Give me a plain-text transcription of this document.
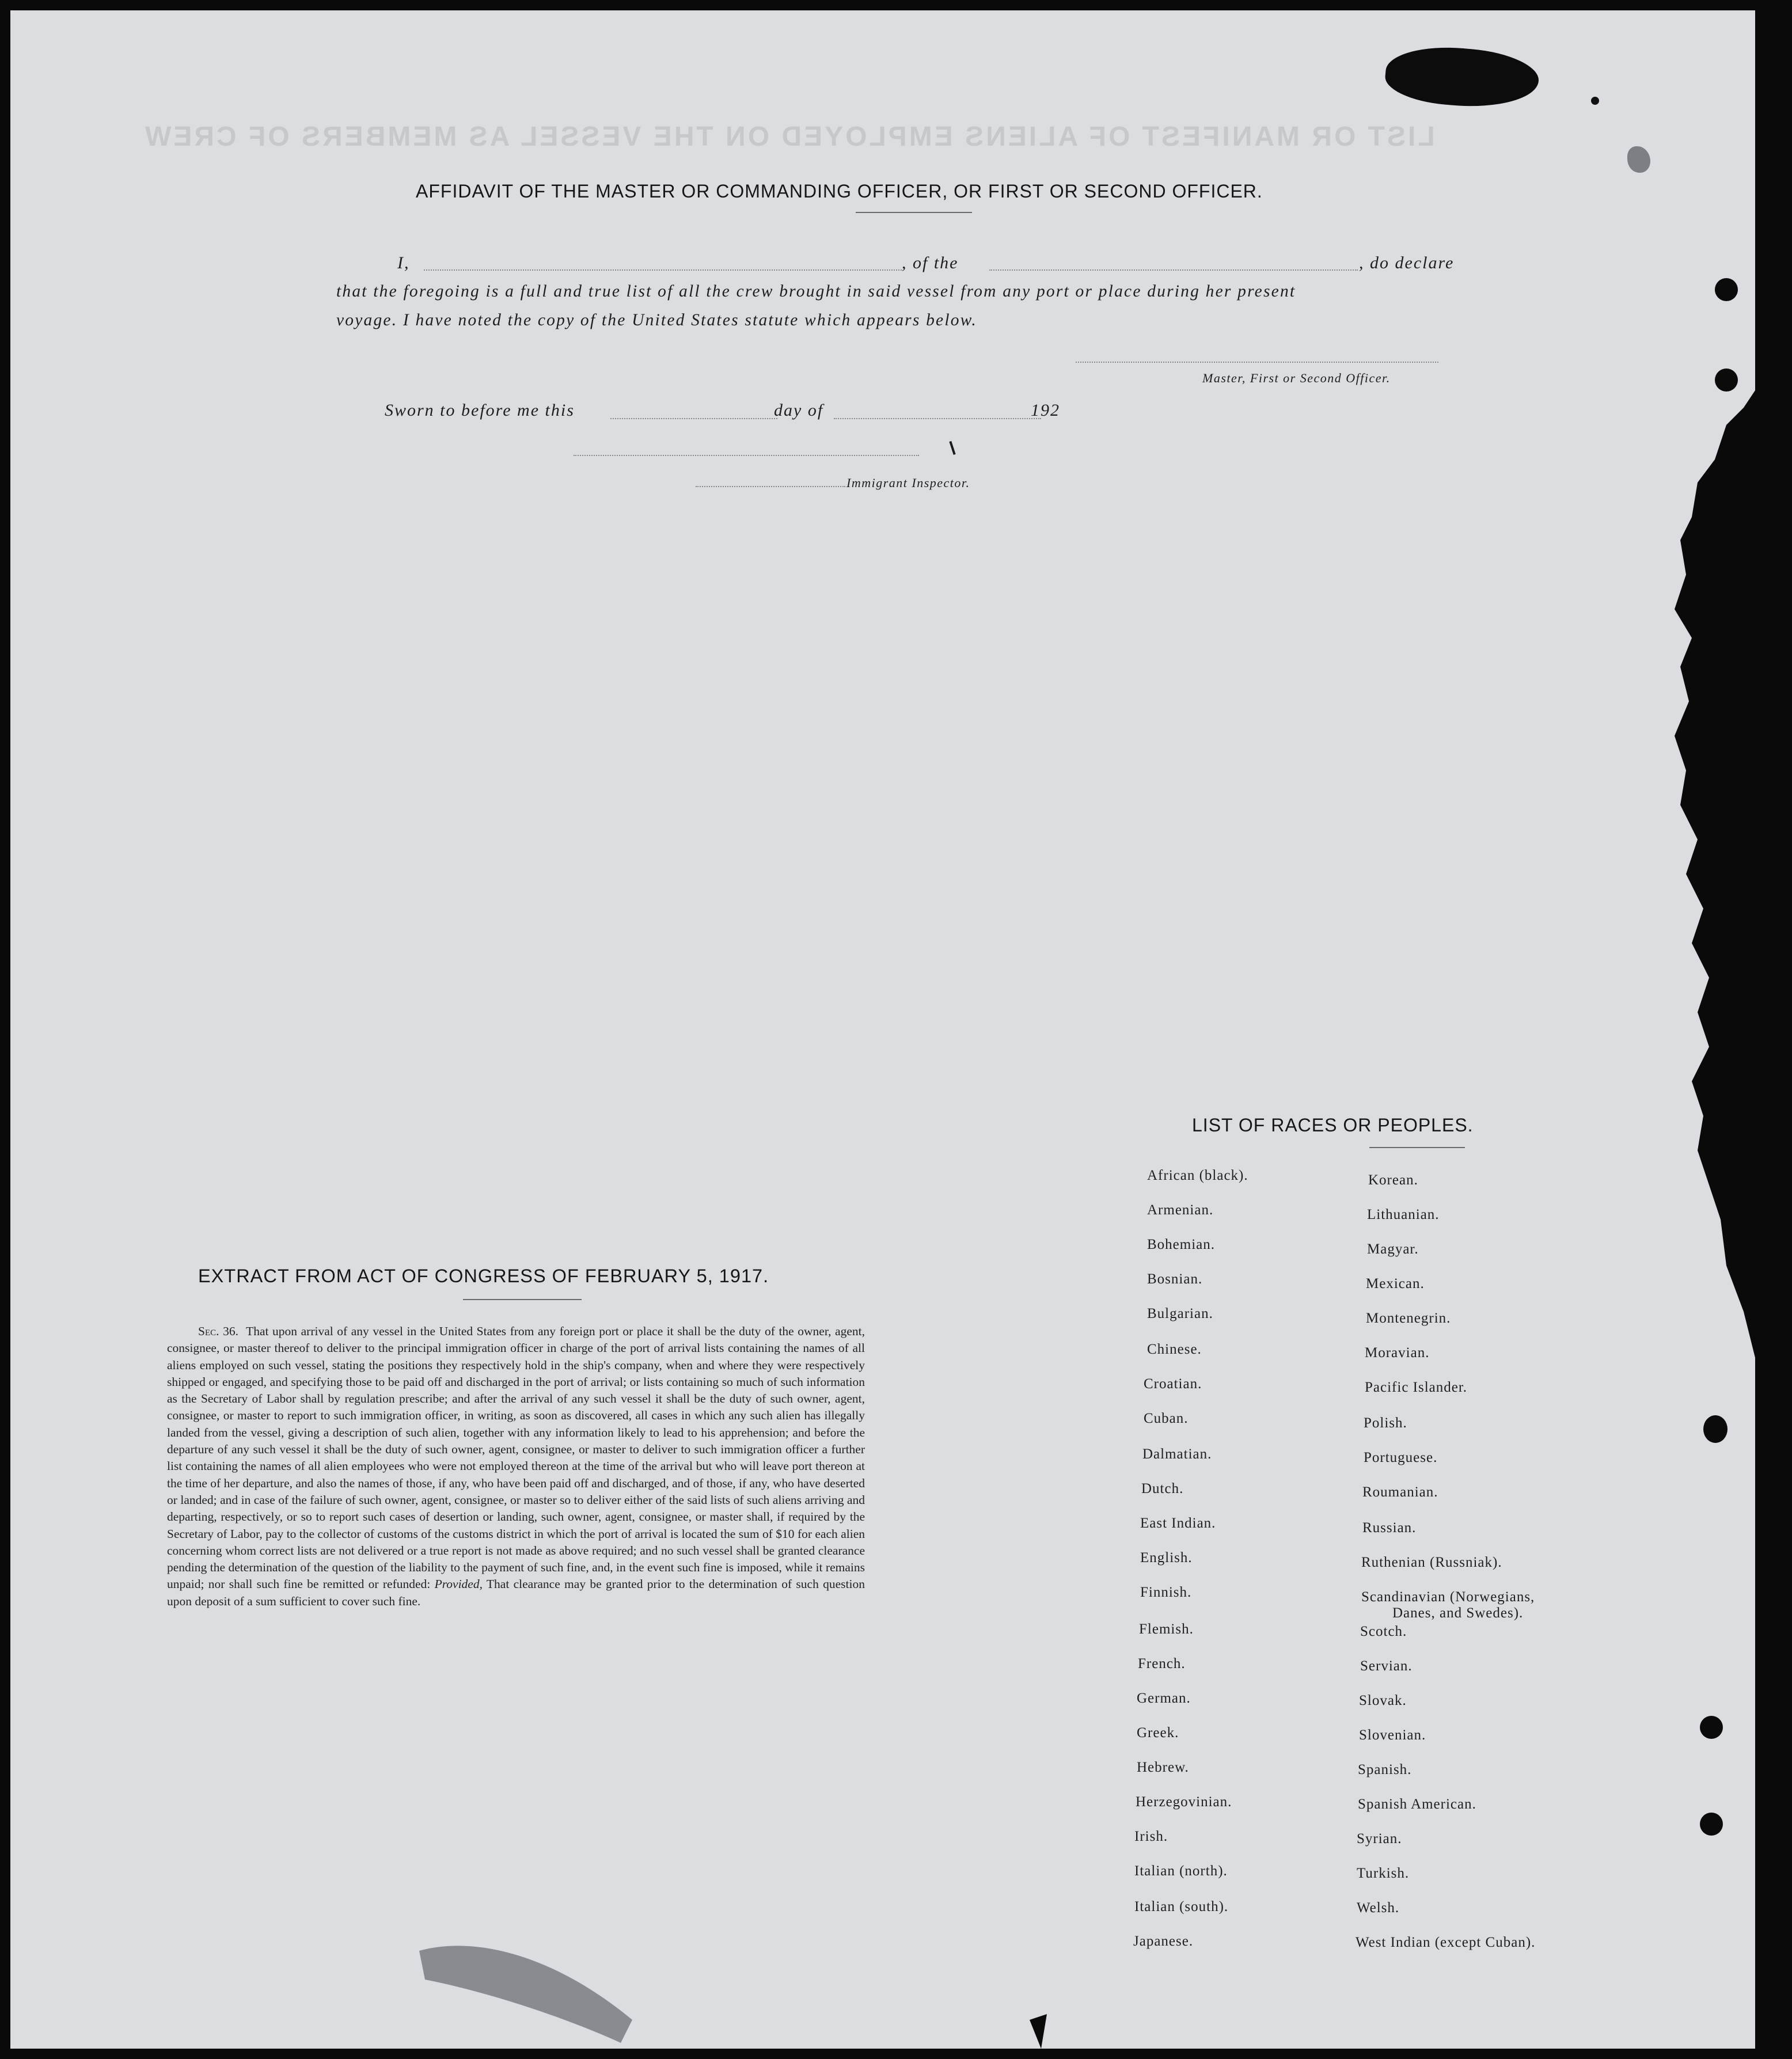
LIST OR MANIFEST OF ALIENS EMPLOYED ON THE VESSEL AS MEMBERS OF CREW
AFFIDAVIT OF THE MASTER OR COMMANDING OFFICER, OR FIRST OR SECOND OFFICER.
I,	, of the	, do declare
that the foregoing is a full and true list of all the crew brought in said vessel from any port or place during her present
voyage. I have noted the copy of the United States statute which appears below.
Master, First or Second Officer.
Sworn to before me this	day of	192
Immigrant Inspector.
EXTRACT FROM ACT OF CONGRESS OF FEBRUARY 5, 1917.
Sec. 36. That upon arrival of any vessel in the United States from any foreign port or place it shall be the duty of the owner, agent, consignee, or master thereof to deliver to the principal immigration officer in charge of the port of arrival lists containing the names of all aliens employed on such vessel, stating the positions they respectively hold in the ship's company, when and where they were respectively shipped or engaged, and specifying those to be paid off and discharged in the port of arrival; or lists containing so much of such information as the Secretary of Labor shall by regulation prescribe; and after the arrival of any such vessel it shall be the duty of such owner, agent, consignee, or master to report to such immigration officer, in writing, as soon as discovered, all cases in which any such alien has illegally landed from the vessel, giving a description of such alien, together with any information likely to lead to his apprehension; and before the departure of any such vessel it shall be the duty of such owner, agent, consignee, or master to deliver to such immigration officer a further list containing the names of all alien employees who were not employed thereon at the time of the arrival but who will leave port thereon at the time of her departure, and also the names of those, if any, who have been paid off and discharged, and of those, if any, who have deserted or landed; and in case of the failure of such owner, agent, consignee, or master so to deliver either of the said lists of such aliens arriving and departing, respectively, or so to report such cases of desertion or landing, such owner, agent, consignee, or master shall, if required by the Secretary of Labor, pay to the collector of customs of the customs district in which the port of arrival is located the sum of $10 for each alien concerning whom correct lists are not delivered or a true report is not made as above required; and no such vessel shall be granted clearance pending the determination of the question of the liability to the payment of such fine, and, in the event such fine is imposed, while it remains unpaid; nor shall such fine be remitted or refunded: Provided, That clearance may be granted prior to the determination of such question upon deposit of a sum sufficient to cover such fine.
LIST OF RACES OR PEOPLES.
African (black).
Armenian.
Bohemian.
Bosnian.
Bulgarian.
Chinese.
Croatian.
Cuban.
Dalmatian.
Dutch.
East Indian.
English.
Finnish.
Flemish.
French.
German.
Greek.
Hebrew.
Herzegovinian.
Irish.
Italian (north).
Italian (south).
Japanese.
Korean.
Lithuanian.
Magyar.
Mexican.
Montenegrin.
Moravian.
Pacific Islander.
Polish.
Portuguese.
Roumanian.
Russian.
Ruthenian (Russniak).
Scandinavian (Norwegians,
Danes, and Swedes).
Scotch.
Servian.
Slovak.
Slovenian.
Spanish.
Spanish American.
Syrian.
Turkish.
Welsh.
West Indian (except Cuban).
